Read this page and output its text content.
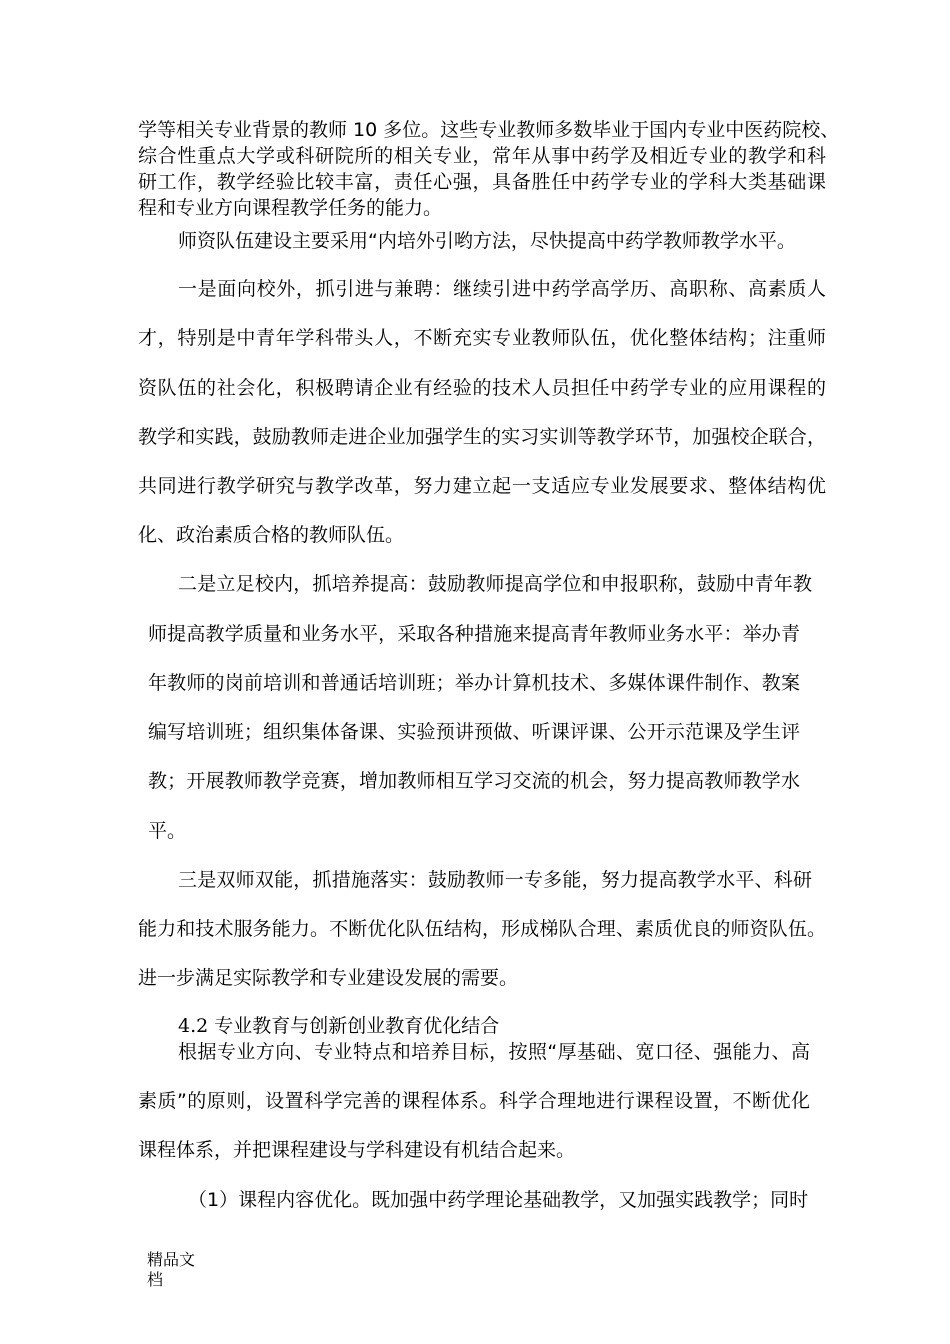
学等相关专业背景的教师 10 多位。这些专业教师多数毕业于国内专业中医药院校、
综合性重点大学或科研院所的相关专业，常年从事中药学及相近专业的教学和科
研工作，教学经验比较丰富，责任心强，具备胜任中药学专业的学科大类基础课
程和专业方向课程教学任务的能力。
师资队伍建设主要采用“内培外引哟方法，尽快提高中药学教师教学水平。
一是面向校外，抓引进与兼聘：继续引进中药学高学历、高职称、高素质人
才，特别是中青年学科带头人，不断充实专业教师队伍，优化整体结构；注重师
资队伍的社会化，积极聘请企业有经验的技术人员担任中药学专业的应用课程的
教学和实践，鼓励教师走进企业加强学生的实习实训等教学环节，加强校企联合，
共同进行教学研究与教学改革，努力建立起一支适应专业发展要求、整体结构优
化、政治素质合格的教师队伍。
二是立足校内，抓培养提高：鼓励教师提高学位和申报职称，鼓励中青年教
师提高教学质量和业务水平，采取各种措施来提高青年教师业务水平：举办青
年教师的岗前培训和普通话培训班；举办计算机技术、多媒体课件制作、教案
编写培训班；组织集体备课、实验预讲预做、听课评课、公开示范课及学生评
教；开展教师教学竞赛，增加教师相互学习交流的机会，努力提高教师教学水
平。
三是双师双能，抓措施落实：鼓励教师一专多能，努力提高教学水平、科研
能力和技术服务能力。不断优化队伍结构，形成梯队合理、素质优良的师资队伍。
进一步满足实际教学和专业建设发展的需要。
4.2 专业教育与创新创业教育优化结合
根据专业方向、专业特点和培养目标，按照“厚基础、宽口径、强能力、高
素质”的原则，设置科学完善的课程体系。科学合理地进行课程设置，不断优化
课程体系，并把课程建设与学科建设有机结合起来。
（1）课程内容优化。既加强中药学理论基础教学，又加强实践教学；同时
精品文
档
